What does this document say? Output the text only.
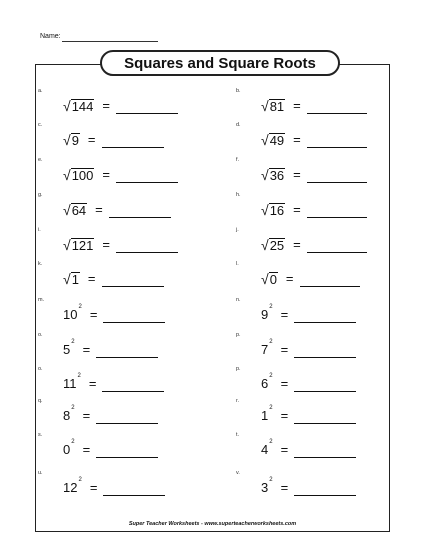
Name:
Squares and Square Roots
a.
√ 144 =
b.
√ 81 =
c.
√ 9 =
d.
√ 49 =
e.
√ 100 =
f.
√ 36 =
g.
√ 64 =
h.
√ 16 =
i.
√ 121 =
j.
√ 25 =
k.
√ 1 =
l.
√ 0 =
m.
10 2 =
n.
9 2 =
o.
5 2 =
p.
7 2 =
o.
11 2 =
p.
6 2 =
q.
8 2 =
r.
1 2 =
s.
0 2 =
t.
4 2 =
u.
12 2 =
v.
3 2 =
Super Teacher Worksheets - www.superteacherworksheets.com
